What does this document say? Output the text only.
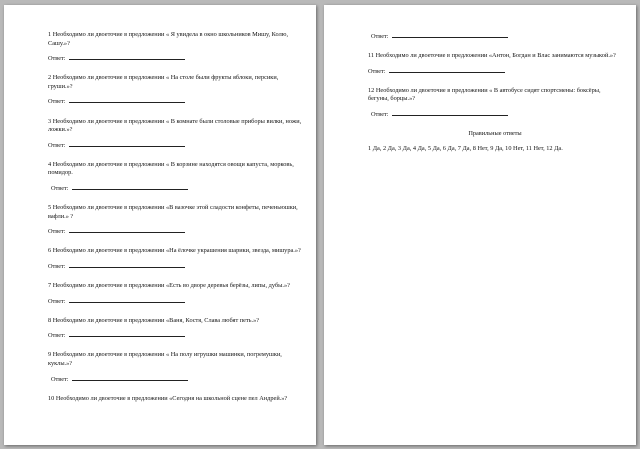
1 Необходимо ли двоеточие в предложении « Я увидела в окно школьников Мишу, Колю, Сашу.»?

Ответ:

2 Необходимо ли двоеточие в предложении « На столе были фрукты яблоки, персики, груши.»?

Ответ:

3 Необходимо ли двоеточие в предложении « В комнате были столовые приборы вилки, ножи, ложки.»?

Ответ:

4 Необходимо ли двоеточие в предложении « В корзине находятся овощи капуста, морковь, помидор.

Ответ:

5 Необходимо ли двоеточие в предложении «В вазочке этой сладости конфеты, печеньюшки, вафли.» ?

Ответ:

6 Необходимо ли двоеточие в предложении «На ёлочке украшения шарики, звезда, мишура.»?

Ответ:

7 Необходимо ли двоеточие в предложении «Есть во дворе деревья берёзы, липы, дубы.»?

Ответ:

8 Необходимо ли двоеточие в предложении «Ваня, Костя, Слава любят петь.»?

Ответ:

9 Необходимо ли двоеточие в предложении « На полу игрушки машинки, погремушки, куклы.»?

Ответ:

10 Необходимо ли двоеточие в предложении «Сегодня на школьной сцене пел Андрей.»?

Ответ:

11 Необходимо ли двоеточие в предложении «Антон, Богдан и Влас занимаются музыкой.»?

Ответ:

12 Необходимо ли двоеточие в предложении « В автобусе сидят спортсмены: боксёры, бегуны, борцы.»?

Ответ:

Правильные ответы

1 Да, 2 Да, 3 Да, 4 Да, 5 Да, 6 Да, 7 Да, 8 Нет, 9 Да, 10 Нет, 11 Нет, 12 Да.
